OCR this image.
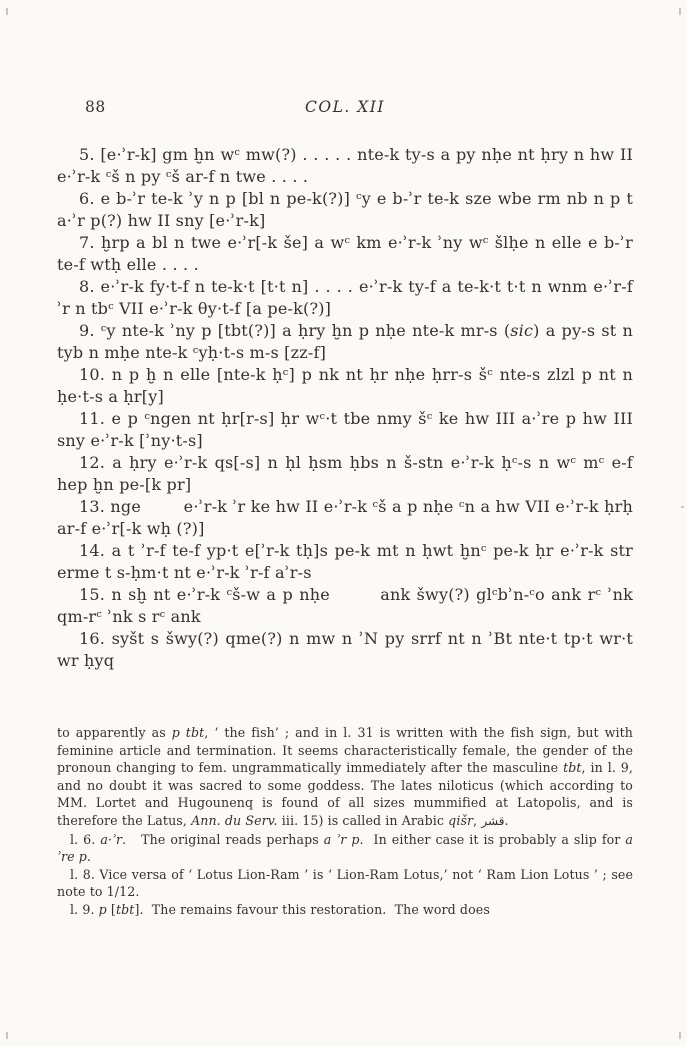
88	COL. XII

5. [e·ʾr-k] gm ḫn wᶜ mw(?) . . . . . nte-k ty-s a py nḥe nt ḥry n hw II e·ʾr-k ᶜš n py ᶜš ar-f n twe . . . .

6. e b-ʾr te-k ʾy n p [bl n pe-k(?)] ᶜy e b-ʾr te-k sze wbe rm nb n p t a·ʾr p(?) hw II sny [e·ʾr-k]

7. ḫrp a bl n twe e·ʾr[-k še] a wᶜ km e·ʾr-k ʾny wᶜ šlḥe n elle e b-ʾr te-f wtḥ elle . . . .

8. e·ʾr-k fy·t-f n te-k·t [t·t n] . . . . e·ʾr-k ty-f a te-k·t t·t n wnm e·ʾr-f ʾr n tbᶜ VII e·ʾr-k θy·t-f [a pe-k(?)]

9. ᶜy nte-k ʾny p [tbt(?)] a ḥry ḫn p nḥe nte-k mr-s (sic) a py-s st n tyb n mḥe nte-k ᶜyḥ·t-s m-s [zz-f]

10. n p ḫ n elle [nte-k ḥᶜ] p nk nt ḥr nḥe ḥrr-s šᶜ nte-s zlzl p nt n ḥe·t-s a ḥr[y]

11. e p ᶜngen nt ḥr[r-s] ḥr wᶜ·t tbe nmy šᶜ ke hw III a·ʾre p hw III sny e·ʾr-k [ʾny·t-s]

12. a ḥry e·ʾr-k qs[-s] n ḥl ḥsm ḥbs n š-stn e·ʾr-k ḥᶜ-s n wᶜ mᶜ e-f hep ḫn pe-[k pr]

13. nge        e·ʾr-k ʾr ke hw II e·ʾr-k ᶜš a p nḥe ᶜn a hw VII e·ʾr-k ḥrḥ ar-f e·ʾr[-k wḥ (?)]

14. a t ʾr-f te-f yp·t e[ʾr-k tḥ]s pe-k mt n ḥwt ḫnᶜ pe-k ḥr e·ʾr-k str erme t s-ḥm·t nt e·ʾr-k ʾr-f aʾr-s

15. n sḫ nt e·ʾr-k ᶜš-w a p nḥe        ank šwy(?) glᶜbʾn-ᶜo ank rᶜ ʾnk qm-rᶜ ʾnk s rᶜ ank

16. syšt s šwy(?) qme(?) n mw n ʾN py srrf nt n ʾBt nte·t tp·t wr·t wr ḥyq

to apparently as p tbt, ‘ the fish’ ; and in l. 31 is written with the fish sign, but with feminine article and termination. It seems characteristically female, the gender of the pronoun changing to fem. ungrammatically immediately after the masculine tbt, in l. 9, and no doubt it was sacred to some goddess. The lates niloticus (which according to MM. Lortet and Hugounenq is found of all sizes mummified at Latopolis, and is therefore the Latus, Ann. du Serv. iii. 15) is called in Arabic qišr, قشر.

l. 6. a·ʾr.   The original reads perhaps a ʾr p.  In either case it is probably a slip for a ʾre p.

l. 8. Vice versa of ‘ Lotus Lion-Ram ’ is ‘ Lion-Ram Lotus,’ not ‘ Ram Lion Lotus ’ ; see note to 1/12.

l. 9. p [tbt].  The remains favour this restoration.  The word does
